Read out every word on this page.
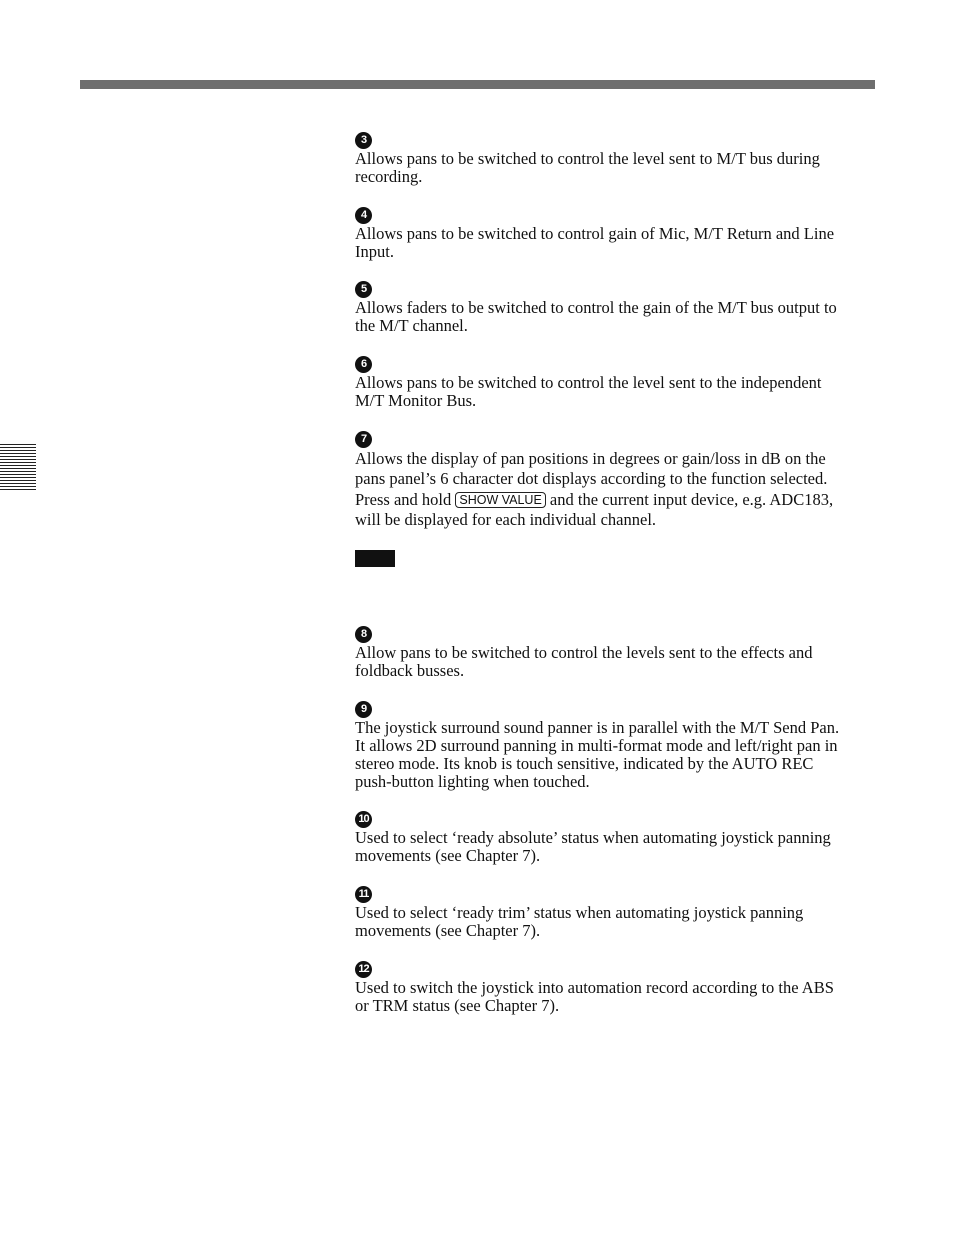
3

Allows pans to be switched to control the level sent to M/T bus during
recording.

4

Allows pans to be switched to control gain of Mic, M/T Return and Line
Input.

5

Allows faders to be switched to control the gain of the M/T bus output to
the M/T channel.

6

Allows pans to be switched to control the level sent to the independent
M/T Monitor Bus.

7

Allows the display of pan positions in degrees or gain/loss in dB on the
pans panel’s 6 character dot displays according to the function selected.
Press and hold SHOW VALUE and the current input device, e.g. ADC183,
will be displayed for each individual channel.

8

Allow pans to be switched to control the levels sent to the effects and
foldback busses.

9

The joystick surround sound panner is in parallel with the M/T Send Pan.
It allows 2D surround panning in multi-format mode and left/right pan in
stereo mode. Its knob is touch sensitive, indicated by the AUTO REC
push-button lighting when touched.

10

Used to select ‘ready absolute’ status when automating joystick panning
movements (see Chapter 7).

11

Used to select ‘ready trim’ status when automating joystick panning
movements (see Chapter 7).

12

Used to switch the joystick into automation record according to the ABS
or TRM status (see Chapter 7).
